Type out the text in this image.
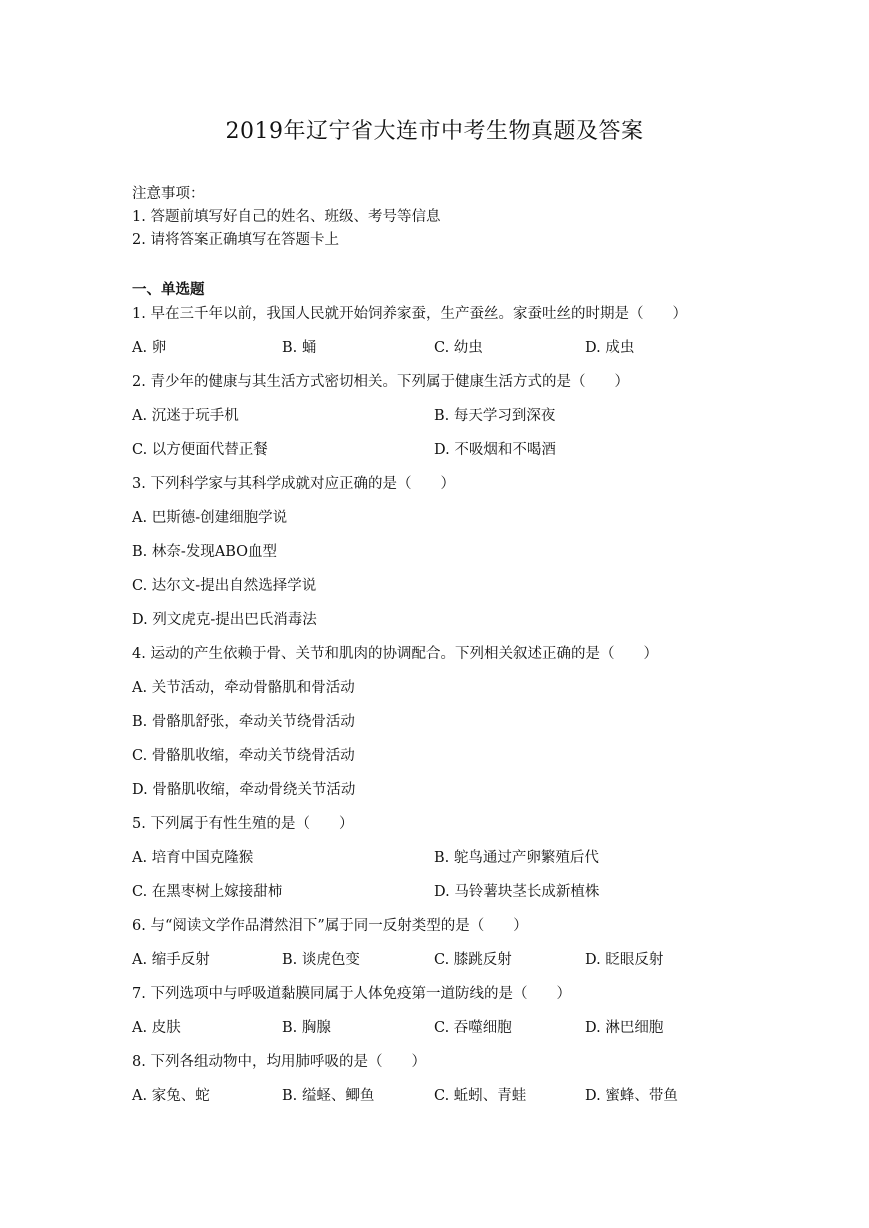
2019年辽宁省大连市中考生物真题及答案
注意事项：
1. 答题前填写好自己的姓名、班级、考号等信息
2. 请将答案正确填写在答题卡上
一、单选题
1. 早在三千年以前，我国人民就开始饲养家蚕，生产蚕丝。家蚕吐丝的时期是（　　）
A. 卵	B. 蛹	C. 幼虫	D. 成虫
2. 青少年的健康与其生活方式密切相关。下列属于健康生活方式的是（　　）
A. 沉迷于玩手机	B. 每天学习到深夜
C. 以方便面代替正餐	D. 不吸烟和不喝酒
3. 下列科学家与其科学成就对应正确的是（　　）
A. 巴斯德-创建细胞学说
B. 林奈-发现ABO血型
C. 达尔文-提出自然选择学说
D. 列文虎克-提出巴氏消毒法
4. 运动的产生依赖于骨、关节和肌肉的协调配合。下列相关叙述正确的是（　　）
A. 关节活动，牵动骨骼肌和骨活动
B. 骨骼肌舒张，牵动关节绕骨活动
C. 骨骼肌收缩，牵动关节绕骨活动
D. 骨骼肌收缩，牵动骨绕关节活动
5. 下列属于有性生殖的是（　　）
A. 培育中国克隆猴	B. 鸵鸟通过产卵繁殖后代
C. 在黑枣树上嫁接甜柿	D. 马铃薯块茎长成新植株
6. 与“阅读文学作品潸然泪下”属于同一反射类型的是（　　）
A. 缩手反射	B. 谈虎色变	C. 膝跳反射	D. 眨眼反射
7. 下列选项中与呼吸道黏膜同属于人体免疫第一道防线的是（　　）
A. 皮肤	B. 胸腺	C. 吞噬细胞	D. 淋巴细胞
8. 下列各组动物中，均用肺呼吸的是（　　）
A. 家兔、蛇	B. 缢蛏、鲫鱼	C. 蚯蚓、青蛙	D. 蜜蜂、带鱼
